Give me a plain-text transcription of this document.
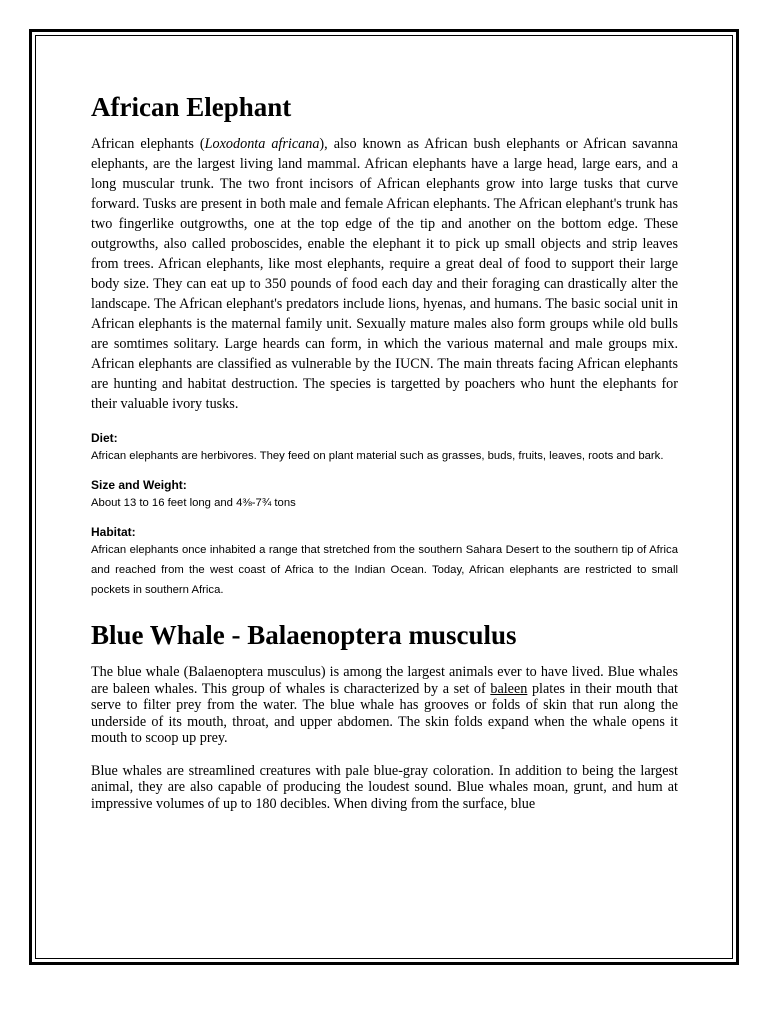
African Elephant

African elephants (Loxodonta africana), also known as African bush elephants or African savanna elephants, are the largest living land mammal. African elephants have a large head, large ears, and a long muscular trunk. The two front incisors of African elephants grow into large tusks that curve forward. Tusks are present in both male and female African elephants. The African elephant's trunk has two fingerlike outgrowths, one at the top edge of the tip and another on the bottom edge. These outgrowths, also called proboscides, enable the elephant it to pick up small objects and strip leaves from trees. African elephants, like most elephants, require a great deal of food to support their large body size. They can eat up to 350 pounds of food each day and their foraging can drastically alter the landscape. The African elephant's predators include lions, hyenas, and humans. The basic social unit in African elephants is the maternal family unit. Sexually mature males also form groups while old bulls are somtimes solitary. Large heards can form, in which the various maternal and male groups mix. African elephants are classified as vulnerable by the IUCN. The main threats facing African elephants are hunting and habitat destruction. The species is targetted by poachers who hunt the elephants for their valuable ivory tusks.

Diet:

African elephants are herbivores. They feed on plant material such as grasses, buds, fruits, leaves, roots and bark.

Size and Weight:

About 13 to 16 feet long and 4⅜-7¾ tons

Habitat:

African elephants once inhabited a range that stretched from the southern Sahara Desert to the southern tip of Africa and reached from the west coast of Africa to the Indian Ocean. Today, African elephants are restricted to small pockets in southern Africa.

Blue Whale - Balaenoptera musculus

The blue whale (Balaenoptera musculus) is among the largest animals ever to have lived. Blue whales are baleen whales. This group of whales is characterized by a set of baleen plates in their mouth that serve to filter prey from the water. The blue whale has grooves or folds of skin that run along the underside of its mouth, throat, and upper abdomen. The skin folds expand when the whale opens it mouth to scoop up prey.

Blue whales are streamlined creatures with pale blue-gray coloration. In addition to being the largest animal, they are also capable of producing the loudest sound. Blue whales moan, grunt, and hum at impressive volumes of up to 180 decibles. When diving from the surface, blue
